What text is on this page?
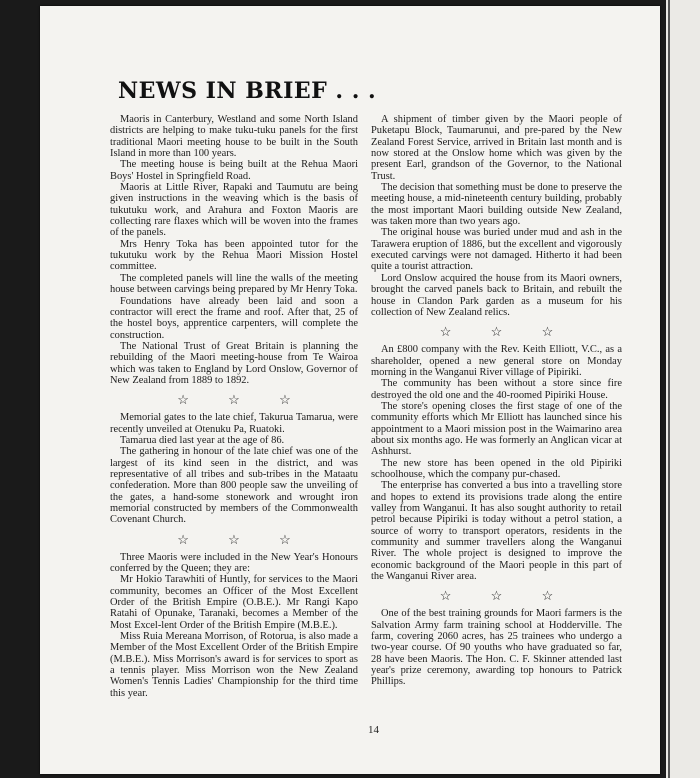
NEWS IN BRIEF . . .

Maoris in Canterbury, Westland and some North Island districts are helping to make tuku-tuku panels for the first traditional Maori meeting house to be built in the South Island in more than 100 years.

The meeting house is being built at the Rehua Maori Boys' Hostel in Springfield Road.

Maoris at Little River, Rapaki and Taumutu are being given instructions in the weaving which is the basis of tukutuku work, and Arahura and Foxton Maoris are collecting rare flaxes which will be woven into the frames of the panels.

Mrs Henry Toka has been appointed tutor for the tukutuku work by the Rehua Maori Mission Hostel committee.

The completed panels will line the walls of the meeting house between carvings being prepared by Mr Henry Toka.

Foundations have already been laid and soon a contractor will erect the frame and roof. After that, 25 of the hostel boys, apprentice carpenters, will complete the construction.

The National Trust of Great Britain is planning the rebuilding of the Maori meeting-house from Te Wairoa which was taken to England by Lord Onslow, Governor of New Zealand from 1889 to 1892.

☆ ☆ ☆

Memorial gates to the late chief, Takurua Tamarua, were recently unveiled at Otenuku Pa, Ruatoki.

Tamarua died last year at the age of 86.

The gathering in honour of the late chief was one of the largest of its kind seen in the district, and was representative of all tribes and sub-tribes in the Mataatu confederation. More than 800 people saw the unveiling of the gates, a hand-some stonework and wrought iron memorial constructed by members of the Commonwealth Covenant Church.

☆ ☆ ☆

Three Maoris were included in the New Year's Honours conferred by the Queen; they are:

Mr Hokio Tarawhiti of Huntly, for services to the Maori community, becomes an Officer of the Most Excellent Order of the British Empire (O.B.E.). Mr Rangi Kapo Ratahi of Opunake, Taranaki, becomes a Member of the Most Excel-lent Order of the British Empire (M.B.E.).

Miss Ruia Mereana Morrison, of Rotorua, is also made a Member of the Most Excellent Order of the British Empire (M.B.E.). Miss Morrison's award is for services to sport as a tennis player. Miss Morrison won the New Zealand Women's Tennis Ladies' Championship for the third time this year.

A shipment of timber given by the Maori people of Puketapu Block, Taumarunui, and pre-pared by the New Zealand Forest Service, arrived in Britain last month and is now stored at the Onslow home which was given by the present Earl, grandson of the Governor, to the National Trust.

The decision that something must be done to preserve the meeting house, a mid-nineteenth century building, probably the most important Maori building outside New Zealand, was taken more than two years ago.

The original house was buried under mud and ash in the Tarawera eruption of 1886, but the excellent and vigorously executed carvings were not damaged. Hitherto it had been quite a tourist attraction.

Lord Onslow acquired the house from its Maori owners, brought the carved panels back to Britain, and rebuilt the house in Clandon Park garden as a museum for his collection of New Zealand relics.

☆ ☆ ☆

An £800 company with the Rev. Keith Elliott, V.C., as a shareholder, opened a new general store on Monday morning in the Wanganui River village of Pipiriki.

The community has been without a store since fire destroyed the old one and the 40-roomed Pipiriki House.

The store's opening closes the first stage of one of the community efforts which Mr Elliott has launched since his appointment to a Maori mission post in the Waimarino area about six months ago. He was formerly an Anglican vicar at Ashhurst.

The new store has been opened in the old Pipiriki schoolhouse, which the company pur-chased.

The enterprise has converted a bus into a travelling store and hopes to extend its provisions trade along the entire valley from Wanganui. It has also sought authority to retail petrol because Pipiriki is today without a petrol station, a source of worry to transport operators, residents in the community and summer travellers along the Wanganui River. The whole project is designed to improve the economic background of the Maori people in this part of the Wanganui River area.

☆ ☆ ☆

One of the best training grounds for Maori farmers is the Salvation Army farm training school at Hodderville. The farm, covering 2060 acres, has 25 trainees who undergo a two-year course. Of 90 youths who have graduated so far, 28 have been Maoris. The Hon. C. F. Skinner attended last year's prize ceremony, awarding top honours to Patrick Phillips.

14
